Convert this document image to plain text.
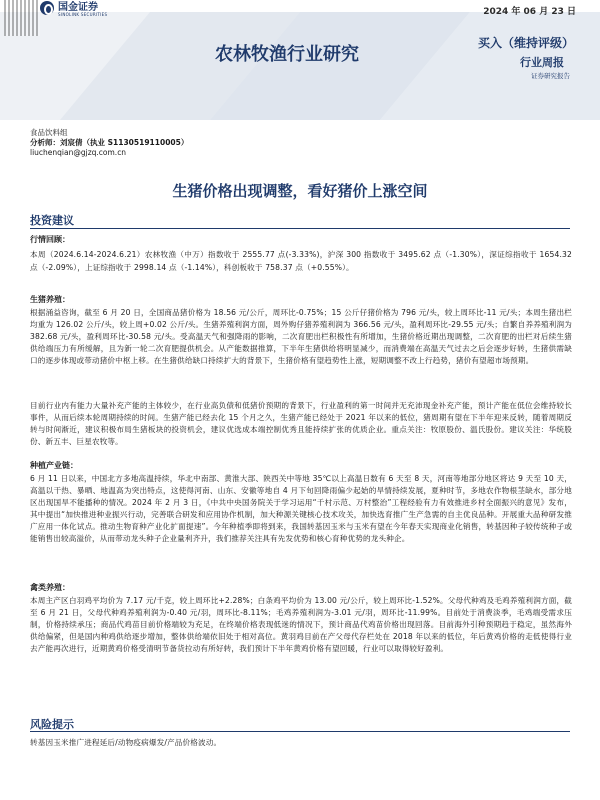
国金证券
SINOLINK SECURITIES	2024 年 06 月 23 日
农林牧渔行业研究
买入（维持评级）
行业周报
证券研究报告
食品饮料组
分析师：刘宸倩（执业 S1130519110005）
liuchenqian@gjzq.com.cn
生猪价格出现调整，看好猪价上涨空间
投资建议
行情回顾：
本周（2024.6.14-2024.6.21）农林牧渔（中万）指数收于 2555.77 点(-3.33%)，沪深 300 指数收于 3495.62 点（-1.30%），深证综指收于 1654.32 点（-2.09%），上证综指收于 2998.14 点（-1.14%），科创板收于 758.37 点（+0.55%）。
生猪养殖：
根据涌益咨询，截至 6 月 20 日，全国商品猪价格为 18.56 元/公斤，周环比-0.75%；15 公斤仔猪价格为 796 元/头，较上周环比-11 元/头；本周生猪出栏均重为 126.02 公斤/头，较上周+0.02 公斤/头。生猪养殖利润方面，周外购仔猪养殖利润为 366.56 元/头，盈利周环比-29.55 元/头；自繁自养养殖利润为 382.68 元/头，盈利周环比-30.58 元/头。受高温天气和强降雨的影响，二次育肥出栏积极性有所增加，生猪价格近期出现调整，二次育肥的出栏对后续生猪供给端压力有所缓解，且为新一轮二次育肥提供机会。从产能数据推算，下半年生猪供给将明显减少，而消费端在高温天气过去之后会逐步好转，生猪供需缺口的逐步体现或带动猪价中枢上移。在生猪供给缺口持续扩大的背景下，生猪价格有望趋势性上涨，短期调整不改上行趋势，猪价有望超市场预期。
目前行业内有能力大量补充产能的主体较少，在行业高负债和低猪价预期的背景下，行业盈利的第一时间并无充沛现金补充产能，预计产能在低位会维持较长事件，从而后续本轮周期持续的时间。生猪产能已经去化 15 个月之久，生猪产能已经处于 2021 年以来的低位，猪周期有望在下半年迎来反转，随着周期反转与时间渐近，建议积极布局生猪板块的投资机会，建议优选成本端控制优秀且能持续扩张的优质企业。重点关注：牧原股份、温氏股份。建议关注：华统股份、新五丰、巨星农牧等。
种植产业链：
6 月 11 日以来，中国北方多地高温持续，华北中南部、黄淮大部、陕西关中等地 35℃以上高温日数有 6 天至 8 天，河南等地部分地区将达 9 天至 10 天，高温以干热、暴晒、地温高为突出特点，这使得河南、山东、安徽等地自 4 月下旬回降雨偏少起始的旱情持续发展，夏种时节，多地农作物根茎缺水，部分地区出现国旱不能播种的情况。2024 年 2 月 3 日，《中共中央国务院关于学习运用“千村示范、万村整治”工程经验有力有效推进乡村全面振兴的意见》发布，其中提出“加快推进种业振兴行动，完善联合研发和应用协作机制，加大种源关键核心技术攻关，加快选育推广生产急需的自主优良品种。开展重大品种研发推广应用一体化试点。推动生物育种产业化扩面提速”。今年种植季即将到来，我国转基因玉米与玉米有望在今年春天实现商业化销售，转基因种子较传统种子或能销售出较高溢价，从而带动龙头种子企业量利齐升，我们推荐关注具有先发优势和核心育种优势的龙头种企。
禽类养殖：
本周主产区白羽鸡平均价为 7.17 元/千克，较上周环比+2.28%；白条鸡平均价为 13.00 元/公斤，较上周环比-1.52%。父母代种鸡及毛鸡养殖利润方面，截至 6 月 21 日，父母代种鸡养殖利润为-0.40 元/羽，周环比-8.11%；毛鸡养殖利润为-3.01 元/羽，周环比-11.99%。目前处于消费淡季，毛鸡端受需求压制，价格持续承压；商品代鸡苗目前价格端较为充足，在终端价格表现低迷的情况下，预计商品代鸡苗价格出现回落。目前海外引种预期趋于稳定，虽然海外供给偏紧，但是国内种鸡供给逐步增加，整体供给端依旧处于相对高位。黄羽鸡目前在产父母代存栏处在 2018 年以来的低位，年后黄鸡价格的走低使得行业去产能再次进行，近期黄鸡价格受清明节备货拉动有所好转，我们预计下半年黄鸡价格有望回暖，行业可以取得较好盈利。
风险提示
转基因玉米推广进程延后/动物疫病爆发/产品价格波动。
